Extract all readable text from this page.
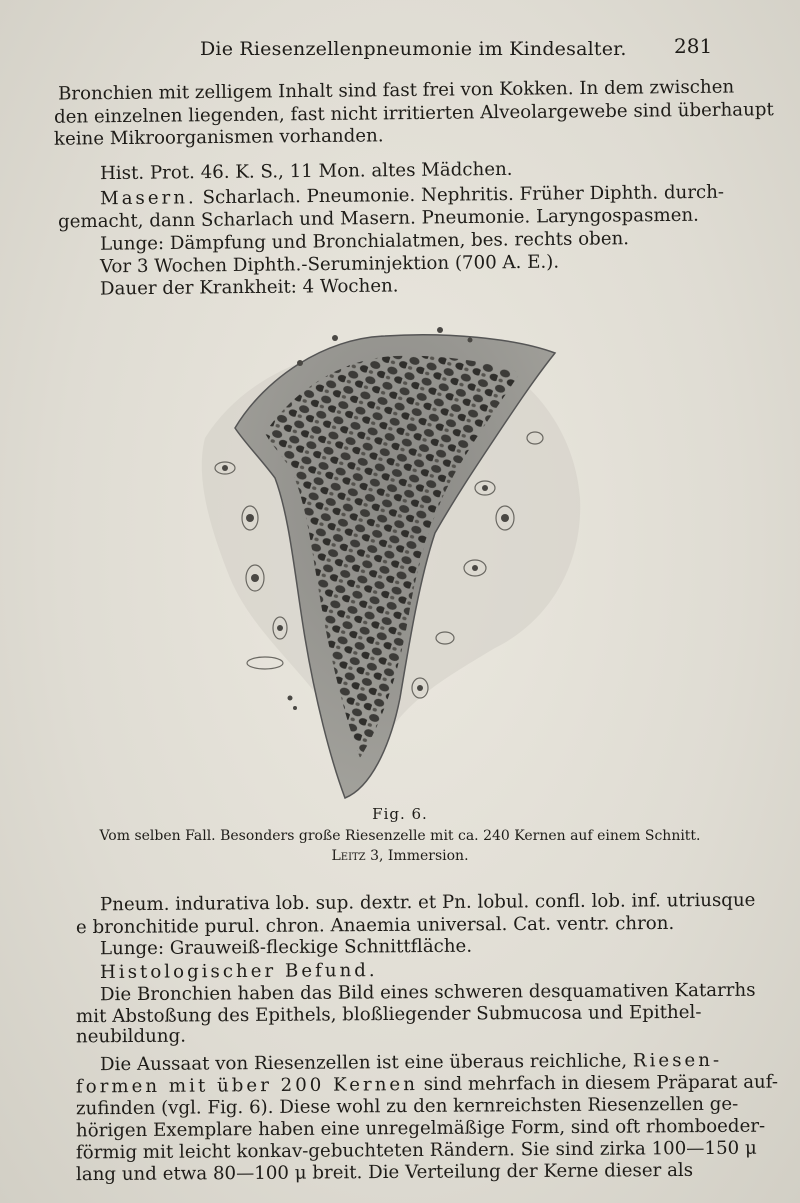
Die Riesenzellenpneumonie im Kindesalter. 281
Bronchien mit zelligem Inhalt sind fast frei von Kokken. In dem zwischen
den einzelnen liegenden, fast nicht irritierten Alveolargewebe sind überhaupt
keine Mikroorganismen vorhanden.
Hist. Prot. 46. K. S., 11 Mon. altes Mädchen.
Masern. Scharlach. Pneumonie. Nephritis. Früher Diphth. durch-
gemacht, dann Scharlach und Masern. Pneumonie. Laryngospasmen.
Lunge: Dämpfung und Bronchialatmen, bes. rechts oben.
Vor 3 Wochen Diphth.-Seruminjektion (700 A. E.).
Dauer der Krankheit: 4 Wochen.
Fig. 6.
Vom selben Fall. Besonders große Riesenzelle mit ca. 240 Kernen auf einem Schnitt.
Leitz 3, Immersion.
Pneum. indurativa lob. sup. dextr. et Pn. lobul. confl. lob. inf. utriusque
e bronchitide purul. chron. Anaemia universal. Cat. ventr. chron.
Lunge: Grauweiß-fleckige Schnittfläche.
Histologischer Befund.
Die Bronchien haben das Bild eines schweren desquamativen Katarrhs
mit Abstoßung des Epithels, bloßliegender Submucosa und Epithel-
neubildung.
Die Aussaat von Riesenzellen ist eine überaus reichliche, Riesen-
formen mit über 200 Kernen sind mehrfach in diesem Präparat auf-
zufinden (vgl. Fig. 6). Diese wohl zu den kernreichsten Riesenzellen ge-
hörigen Exemplare haben eine unregelmäßige Form, sind oft rhomboeder-
förmig mit leicht konkav-gebuchteten Rändern. Sie sind zirka 100—150 μ
lang und etwa 80—100 μ breit. Die Verteilung der Kerne dieser als
